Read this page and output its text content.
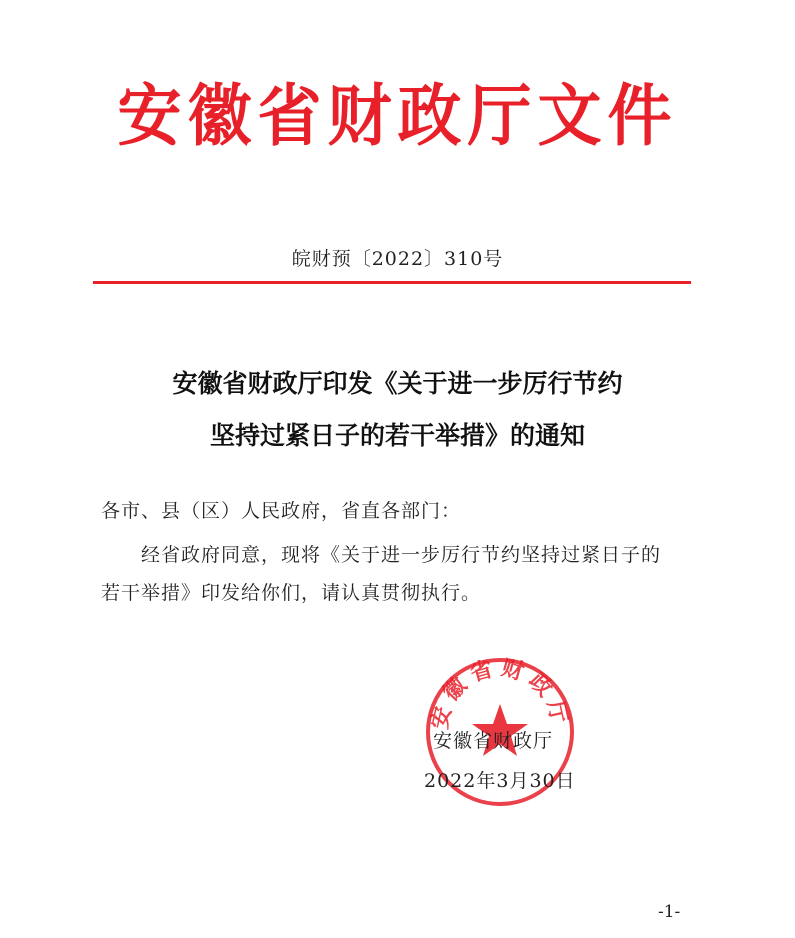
安徽省财政厅文件
皖财预〔2022〕310号
安徽省财政厅印发《关于进一步厉行节约
坚持过紧日子的若干举措》的通知
各市、县（区）人民政府，省直各部门：
经省政府同意，现将《关于进一步厉行节约坚持过紧日子的
若干举措》印发给你们，请认真贯彻执行。
安徽省财政厅
安徽省财政厅
2022年3月30日
-1-
